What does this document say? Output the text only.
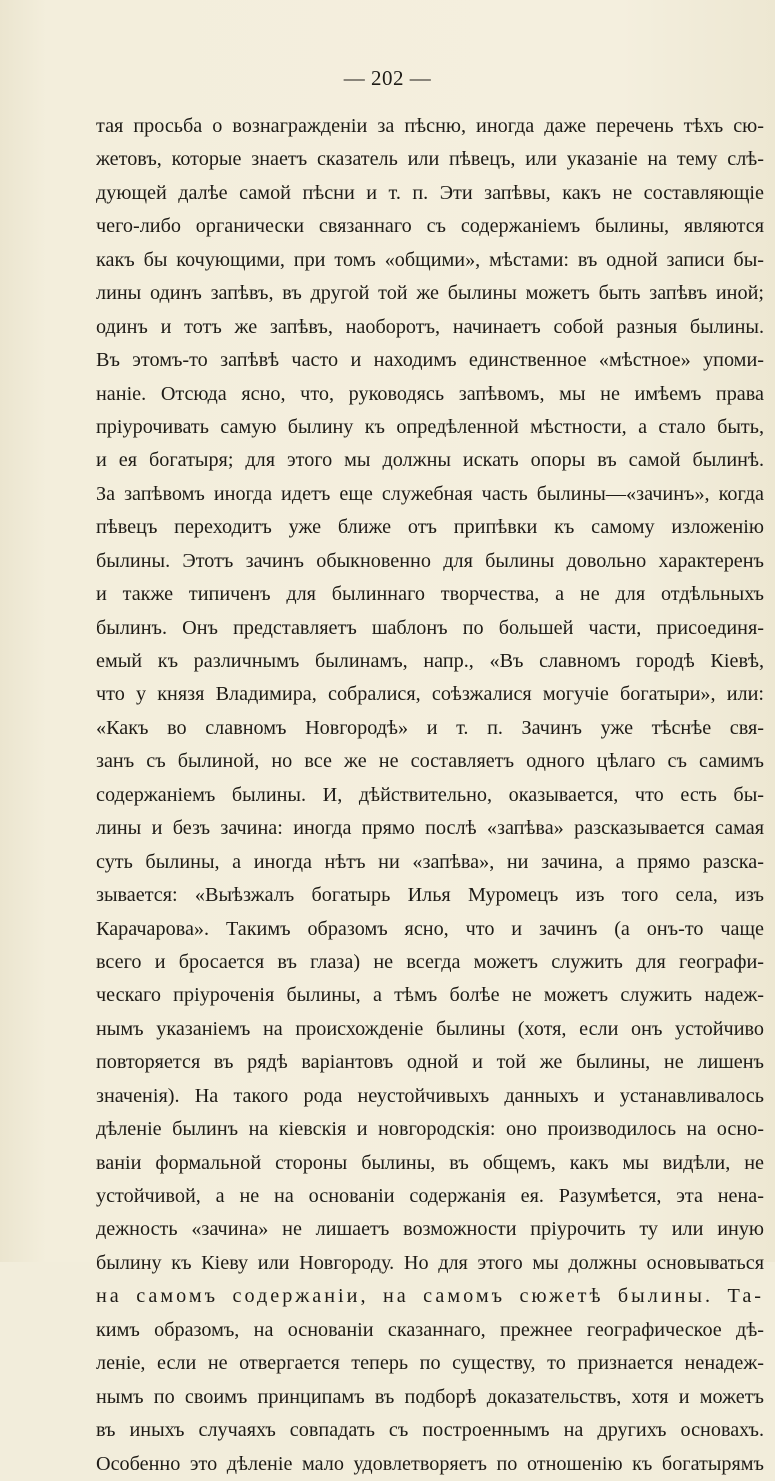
— 202 —
тая просьба о вознагражденіи за пѣсню, иногда даже перечень тѣхъ сю-
жетовъ, которые знаетъ сказатель или пѣвецъ, или указаніе на тему слѣ-
дующей далѣе самой пѣсни и т. п. Эти запѣвы, какъ не составляющіе
чего-либо органически связаннаго съ содержаніемъ былины, являются
какъ бы кочующими, при томъ «общими», мѣстами: въ одной записи бы-
лины одинъ запѣвъ, въ другой той же былины можетъ быть запѣвъ иной;
одинъ и тотъ же запѣвъ, наоборотъ, начинаетъ собой разныя былины.
Въ этомъ-то запѣвѣ часто и находимъ единственное «мѣстное» упоми-
наніе. Отсюда ясно, что, руководясь запѣвомъ, мы не имѣемъ права
пріурочивать самую былину къ опредѣленной мѣстности, а стало быть,
и ея богатыря; для этого мы должны искать опоры въ самой былинѣ.
За запѣвомъ иногда идетъ еще служебная часть былины—«зачинъ», когда
пѣвецъ переходитъ уже ближе отъ припѣвки къ самому изложенію
былины. Этотъ зачинъ обыкновенно для былины довольно характеренъ
и также типиченъ для былиннаго творчества, а не для отдѣльныхъ
былинъ. Онъ представляетъ шаблонъ по большей части, присоединя-
емый къ различнымъ былинамъ, напр., «Въ славномъ городѣ Кіевѣ,
что у князя Владимира, собралися, соѣзжалися могучіе богатыри», или:
«Какъ во славномъ Новгородѣ» и т. п. Зачинъ уже тѣснѣе свя-
занъ съ былиной, но все же не составляетъ одного цѣлаго съ самимъ
содержаніемъ былины. И, дѣйствительно, оказывается, что есть бы-
лины и безъ зачина: иногда прямо послѣ «запѣва» разсказывается самая
суть былины, а иногда нѣтъ ни «запѣва», ни зачина, а прямо разска-
зывается: «Выѣзжалъ богатырь Илья Муромецъ изъ того села, изъ
Карачарова». Такимъ образомъ ясно, что и зачинъ (а онъ-то чаще
всего и бросается въ глаза) не всегда можетъ служить для географи-
ческаго пріуроченія былины, а тѣмъ болѣе не можетъ служить надеж-
нымъ указаніемъ на происхожденіе былины (хотя, если онъ устойчиво
повторяется въ рядѣ варіантовъ одной и той же былины, не лишенъ
значенія). На такого рода неустойчивыхъ данныхъ и устанавливалось
дѣленіе былинъ на кіевскія и новгородскія: оно производилось на осно-
ваніи формальной стороны былины, въ общемъ, какъ мы видѣли, не
устойчивой, а не на основаніи содержанія ея. Разумѣется, эта нена-
дежность «зачина» не лишаетъ возможности пріурочить ту или иную
былину къ Кіеву или Новгороду. Но для этого мы должны основываться
на самомъ содержаніи, на самомъ сюжетѣ былины. Та-
кимъ образомъ, на основаніи сказаннаго, прежнее географическое дѣ-
леніе, если не отвергается теперь по существу, то признается ненадеж-
нымъ по своимъ принципамъ въ подборѣ доказательствъ, хотя и можетъ
въ иныхъ случаяхъ совпадать съ построеннымъ на другихъ основахъ.
Особенно это дѣленіе мало удовлетворяетъ по отношенію къ богатырямъ
